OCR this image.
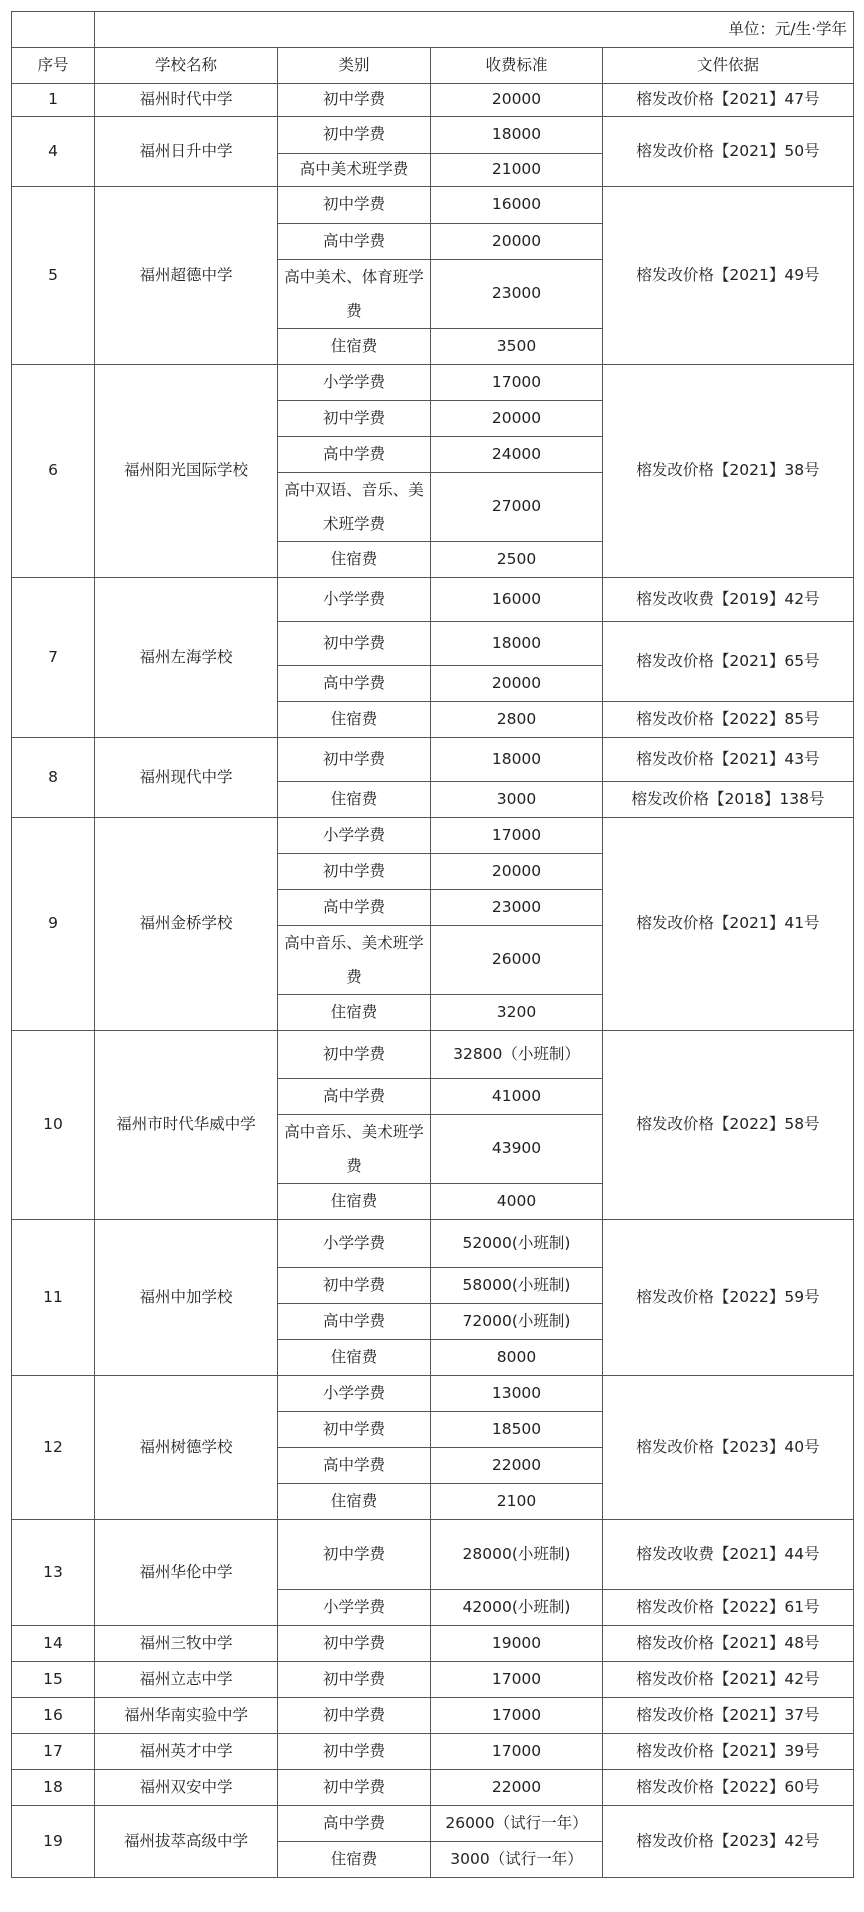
	单位：元/生·学年			
序号	学校名称	类别	收费标准	文件依据
1	福州时代中学	初中学费	20000	榕发改价格【2021】47号
4	福州日升中学	初中学费	18000	榕发改价格【2021】50号
		高中美术班学费	21000	
5	福州超德中学	初中学费	16000	榕发改价格【2021】49号
		高中学费	20000	
		高中美术、体育班学费	23000	
		住宿费	3500	
6	福州阳光国际学校	小学学费	17000	榕发改价格【2021】38号
		初中学费	20000	
		高中学费	24000	
		高中双语、音乐、美术班学费	27000	
		住宿费	2500	
7	福州左海学校	小学学费	16000	榕发改收费【2019】42号
		初中学费	18000	榕发改价格【2021】65号
		高中学费	20000	
		住宿费	2800	榕发改价格【2022】85号
8	福州现代中学	初中学费	18000	榕发改价格【2021】43号
		住宿费	3000	榕发改价格【2018】138号
9	福州金桥学校	小学学费	17000	榕发改价格【2021】41号
		初中学费	20000	
		高中学费	23000	
		高中音乐、美术班学费	26000	
		住宿费	3200	
10	福州市时代华威中学	初中学费	32800（小班制）	榕发改价格【2022】58号
		高中学费	41000	
		高中音乐、美术班学费	43900	
		住宿费	4000	
11	福州中加学校	小学学费	52000(小班制)	榕发改价格【2022】59号
		初中学费	58000(小班制)	
		高中学费	72000(小班制)	
		住宿费	8000	
12	福州树德学校	小学学费	13000	榕发改价格【2023】40号
		初中学费	18500	
		高中学费	22000	
		住宿费	2100	
13	福州华伦中学	初中学费	28000(小班制)	榕发改收费【2021】44号
		小学学费	42000(小班制)	榕发改价格【2022】61号
14	福州三牧中学	初中学费	19000	榕发改价格【2021】48号
15	福州立志中学	初中学费	17000	榕发改价格【2021】42号
16	福州华南实验中学	初中学费	17000	榕发改价格【2021】37号
17	福州英才中学	初中学费	17000	榕发改价格【2021】39号
18	福州双安中学	初中学费	22000	榕发改价格【2022】60号
19	福州拔萃高级中学	高中学费	26000（试行一年）	榕发改价格【2023】42号
		住宿费	3000（试行一年）	
